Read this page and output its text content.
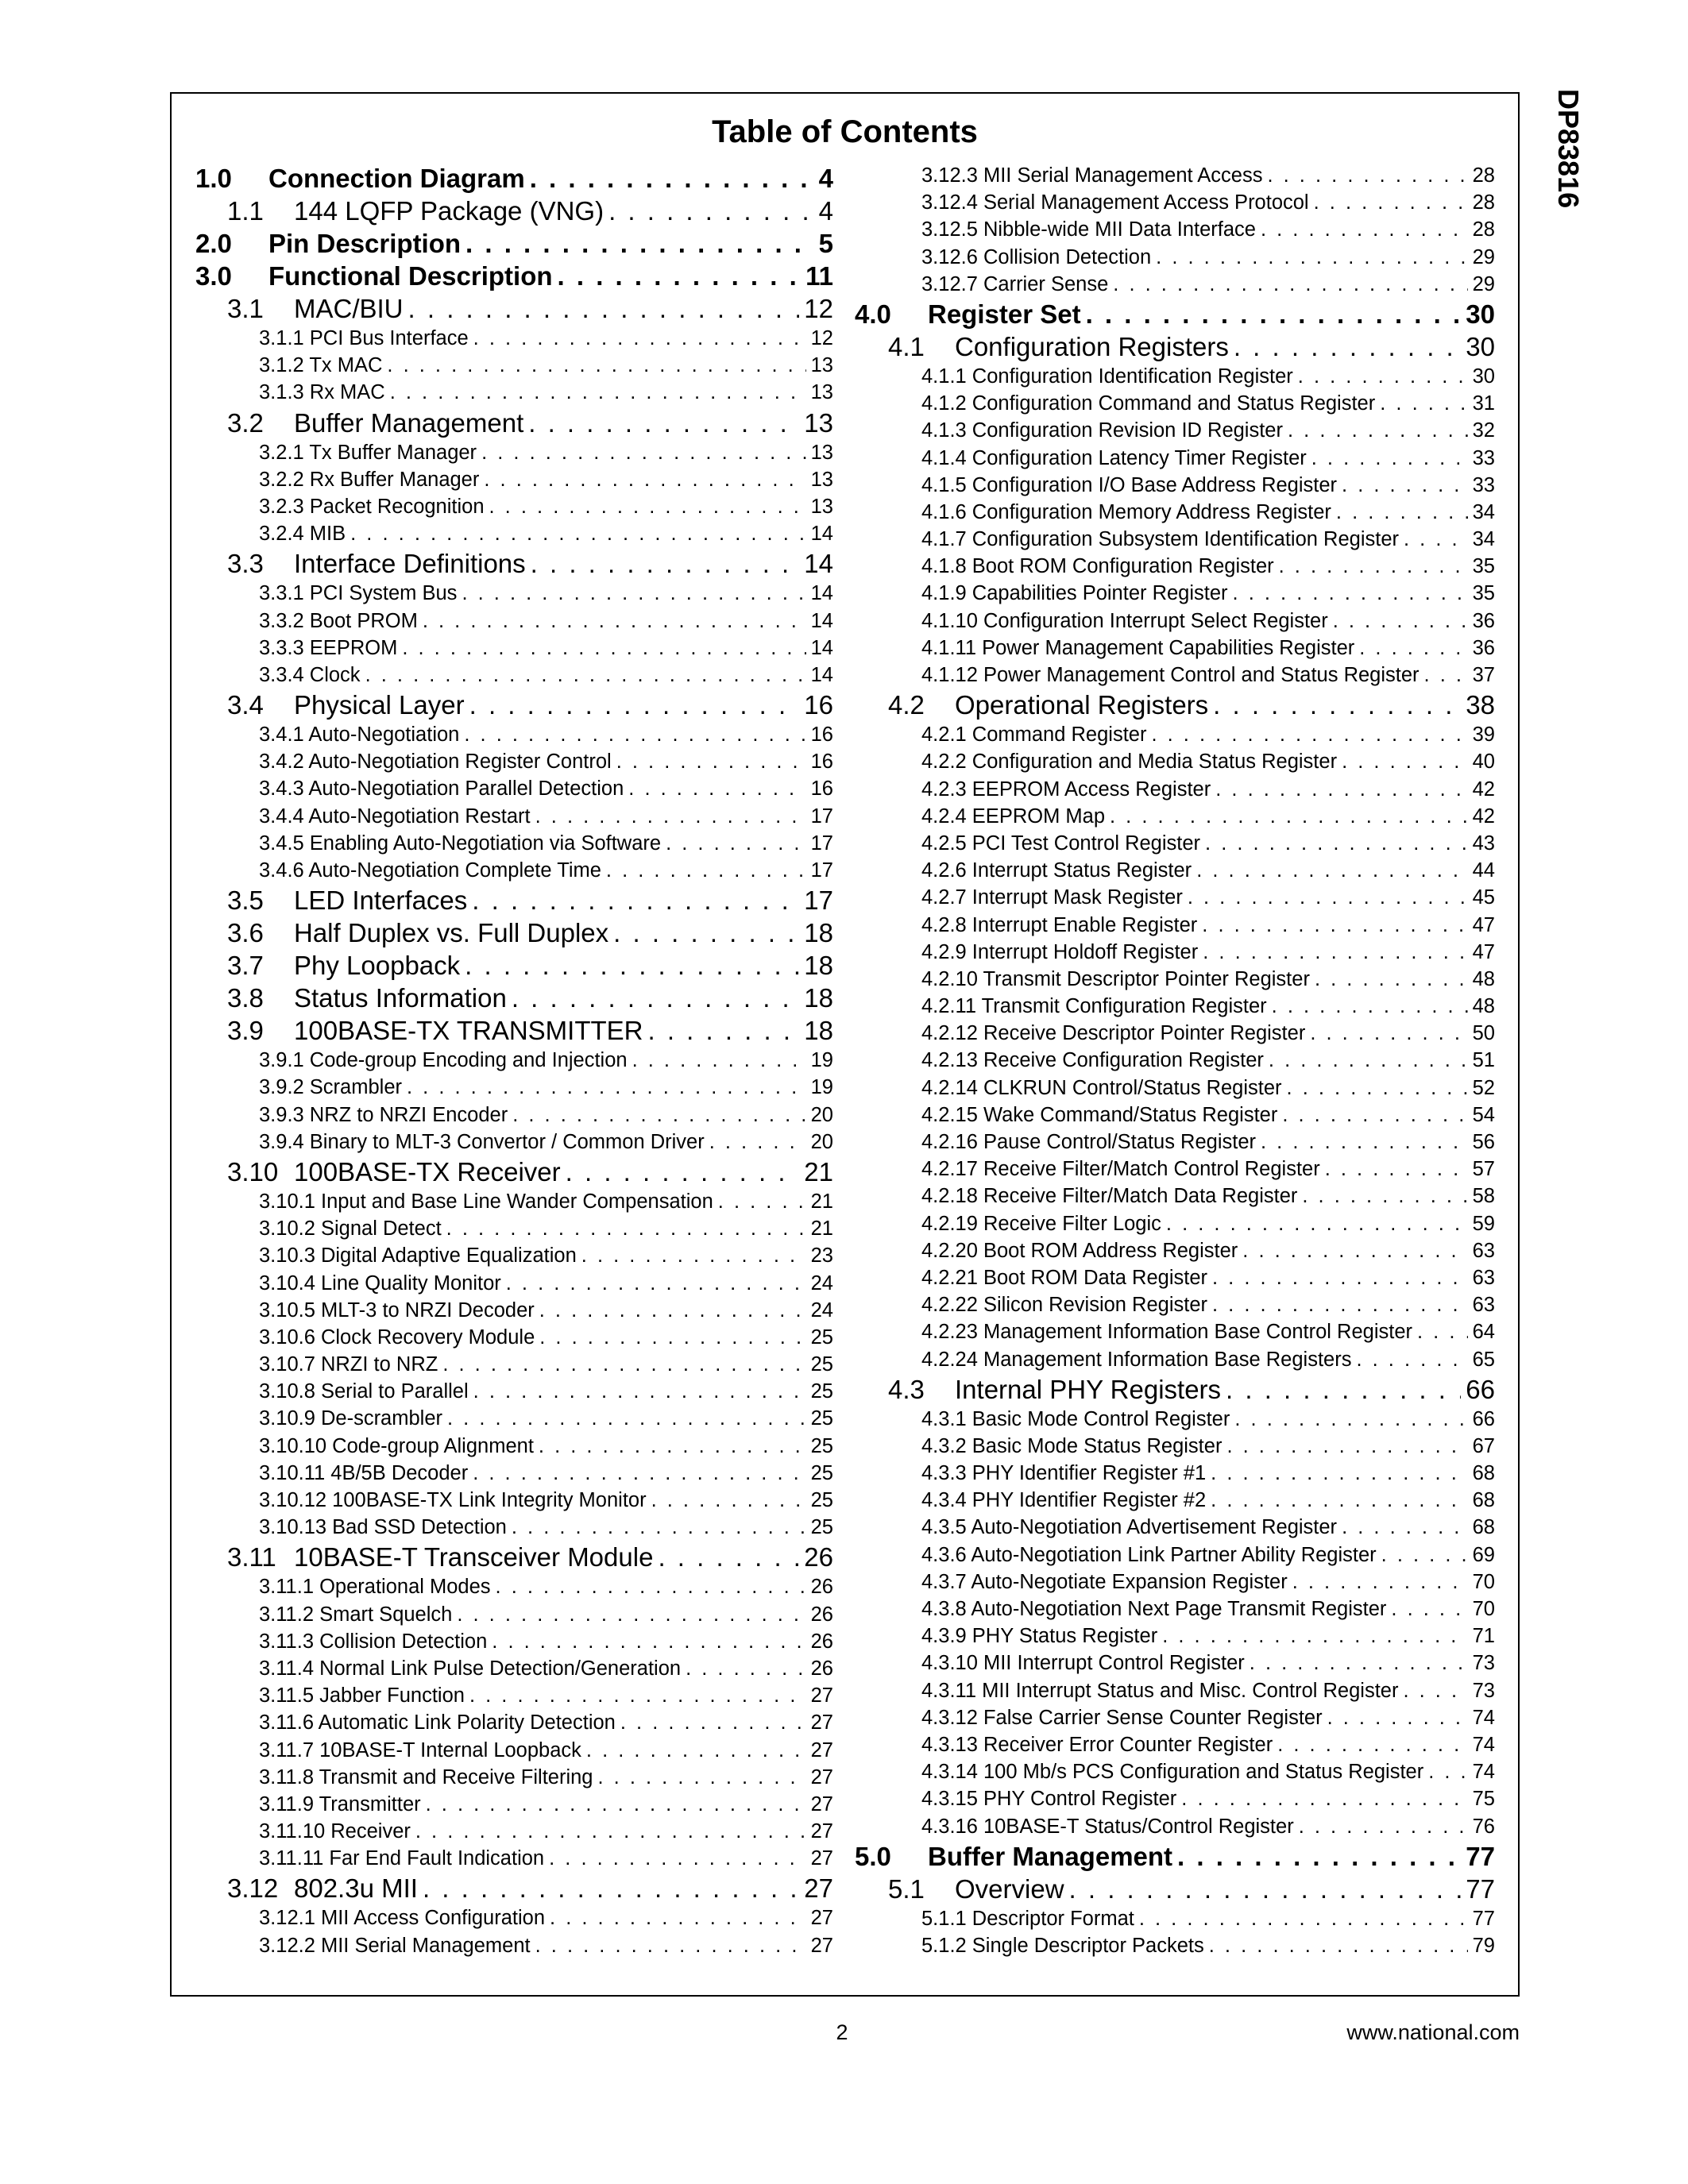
DP83816
Table of Contents
1.0 Connection Diagram . . .	4
1.1 144 LQFP Package (VNG) . . .	4
2.0 Pin Description . . .	5
3.0 Functional Description . . .	11
3.1 MAC/BIU . . .	12
3.1.1 PCI Bus Interface . . .	12
3.1.2 Tx MAC . . .	13
3.1.3 Rx MAC . . .	13
3.2 Buffer Management . . .	13
3.2.1 Tx Buffer Manager . . .	13
3.2.2 Rx Buffer Manager . . .	13
3.2.3 Packet Recognition . . .	13
3.2.4 MIB . . .	14
3.3 Interface Definitions . . .	14
3.3.1 PCI System Bus . . .	14
3.3.2 Boot PROM . . .	14
3.3.3 EEPROM . . .	14
3.3.4 Clock . . .	14
3.4 Physical Layer . . .	16
3.4.1 Auto-Negotiation . . .	16
3.4.2 Auto-Negotiation Register Control . . .	16
3.4.3 Auto-Negotiation Parallel Detection . . .	16
3.4.4 Auto-Negotiation Restart . . .	17
3.4.5 Enabling Auto-Negotiation via Software . . .	17
3.4.6 Auto-Negotiation Complete Time . . .	17
3.5 LED Interfaces . . .	17
3.6 Half Duplex vs. Full Duplex . . .	18
3.7 Phy Loopback . . .	18
3.8 Status Information . . .	18
3.9 100BASE-TX TRANSMITTER . . .	18
3.9.1 Code-group Encoding and Injection . . .	19
3.9.2 Scrambler . . .	19
3.9.3 NRZ to NRZI Encoder . . .	20
3.9.4 Binary to MLT-3 Convertor / Common Driver . . .	20
3.10 100BASE-TX Receiver . . .	21
3.10.1 Input and Base Line Wander Compensation . . .	21
3.10.2 Signal Detect . . .	21
3.10.3 Digital Adaptive Equalization . . .	23
3.10.4 Line Quality Monitor . . .	24
3.10.5 MLT-3 to NRZI Decoder . . .	24
3.10.6 Clock Recovery Module . . .	25
3.10.7 NRZI to NRZ . . .	25
3.10.8 Serial to Parallel . . .	25
3.10.9 De-scrambler . . .	25
3.10.10 Code-group Alignment . . .	25
3.10.11 4B/5B Decoder . . .	25
3.10.12 100BASE-TX Link Integrity Monitor . . .	25
3.10.13 Bad SSD Detection . . .	25
3.11 10BASE-T Transceiver Module . . .	26
3.11.1 Operational Modes . . .	26
3.11.2 Smart Squelch . . .	26
3.11.3 Collision Detection . . .	26
3.11.4 Normal Link Pulse Detection/Generation . . .	26
3.11.5 Jabber Function . . .	27
3.11.6 Automatic Link Polarity Detection . . .	27
3.11.7 10BASE-T Internal Loopback . . .	27
3.11.8 Transmit and Receive Filtering . . .	27
3.11.9 Transmitter . . .	27
3.11.10 Receiver . . .	27
3.11.11 Far End Fault Indication . . .	27
3.12 802.3u MII . . .	27
3.12.1 MII Access Configuration . . .	27
3.12.2 MII Serial Management . . .	27
3.12.3 MII Serial Management Access . . .	28
3.12.4 Serial Management Access Protocol . . .	28
3.12.5 Nibble-wide MII Data Interface . . .	28
3.12.6 Collision Detection . . .	29
3.12.7 Carrier Sense . . .	29
4.0 Register Set . . .	30
4.1 Configuration Registers . . .	30
4.1.1 Configuration Identification Register . . .	30
4.1.2 Configuration Command and Status Register . . .	31
4.1.3 Configuration Revision ID Register . . .	32
4.1.4 Configuration Latency Timer Register . . .	33
4.1.5 Configuration I/O Base Address Register . . .	33
4.1.6 Configuration Memory Address Register . . .	34
4.1.7 Configuration Subsystem Identification Register . . .	34
4.1.8 Boot ROM Configuration Register . . .	35
4.1.9 Capabilities Pointer Register . . .	35
4.1.10 Configuration Interrupt Select Register . . .	36
4.1.11 Power Management Capabilities Register . . .	36
4.1.12 Power Management Control and Status Register . . .	37
4.2 Operational Registers . . .	38
4.2.1 Command Register . . .	39
4.2.2 Configuration and Media Status Register . . .	40
4.2.3 EEPROM Access Register . . .	42
4.2.4 EEPROM Map . . .	42
4.2.5 PCI Test Control Register . . .	43
4.2.6 Interrupt Status Register . . .	44
4.2.7 Interrupt Mask Register . . .	45
4.2.8 Interrupt Enable Register . . .	47
4.2.9 Interrupt Holdoff Register . . .	47
4.2.10 Transmit Descriptor Pointer Register . . .	48
4.2.11 Transmit Configuration Register . . .	48
4.2.12 Receive Descriptor Pointer Register . . .	50
4.2.13 Receive Configuration Register . . .	51
4.2.14 CLKRUN Control/Status Register . . .	52
4.2.15 Wake Command/Status Register . . .	54
4.2.16 Pause Control/Status Register . . .	56
4.2.17 Receive Filter/Match Control Register . . .	57
4.2.18 Receive Filter/Match Data Register . . .	58
4.2.19 Receive Filter Logic . . .	59
4.2.20 Boot ROM Address Register . . .	63
4.2.21 Boot ROM Data Register . . .	63
4.2.22 Silicon Revision Register . . .	63
4.2.23 Management Information Base Control Register . . .	64
4.2.24 Management Information Base Registers . . .	65
4.3 Internal PHY Registers . . .	66
4.3.1 Basic Mode Control Register . . .	66
4.3.2 Basic Mode Status Register . . .	67
4.3.3 PHY Identifier Register #1 . . .	68
4.3.4 PHY Identifier Register #2 . . .	68
4.3.5 Auto-Negotiation Advertisement Register . . .	68
4.3.6 Auto-Negotiation Link Partner Ability Register . . .	69
4.3.7 Auto-Negotiate Expansion Register . . .	70
4.3.8 Auto-Negotiation Next Page Transmit Register . . .	70
4.3.9 PHY Status Register . . .	71
4.3.10 MII Interrupt Control Register . . .	73
4.3.11 MII Interrupt Status and Misc. Control Register . . .	73
4.3.12 False Carrier Sense Counter Register . . .	74
4.3.13 Receiver Error Counter Register . . .	74
4.3.14 100 Mb/s PCS Configuration and Status Register . . . 74
4.3.15 PHY Control Register . . .	75
4.3.16 10BASE-T Status/Control Register . . .	76
5.0 Buffer Management . . .	77
5.1 Overview . . .	77
5.1.1 Descriptor Format . . .	77
5.1.2 Single Descriptor Packets . . .	79
2	www.national.com
